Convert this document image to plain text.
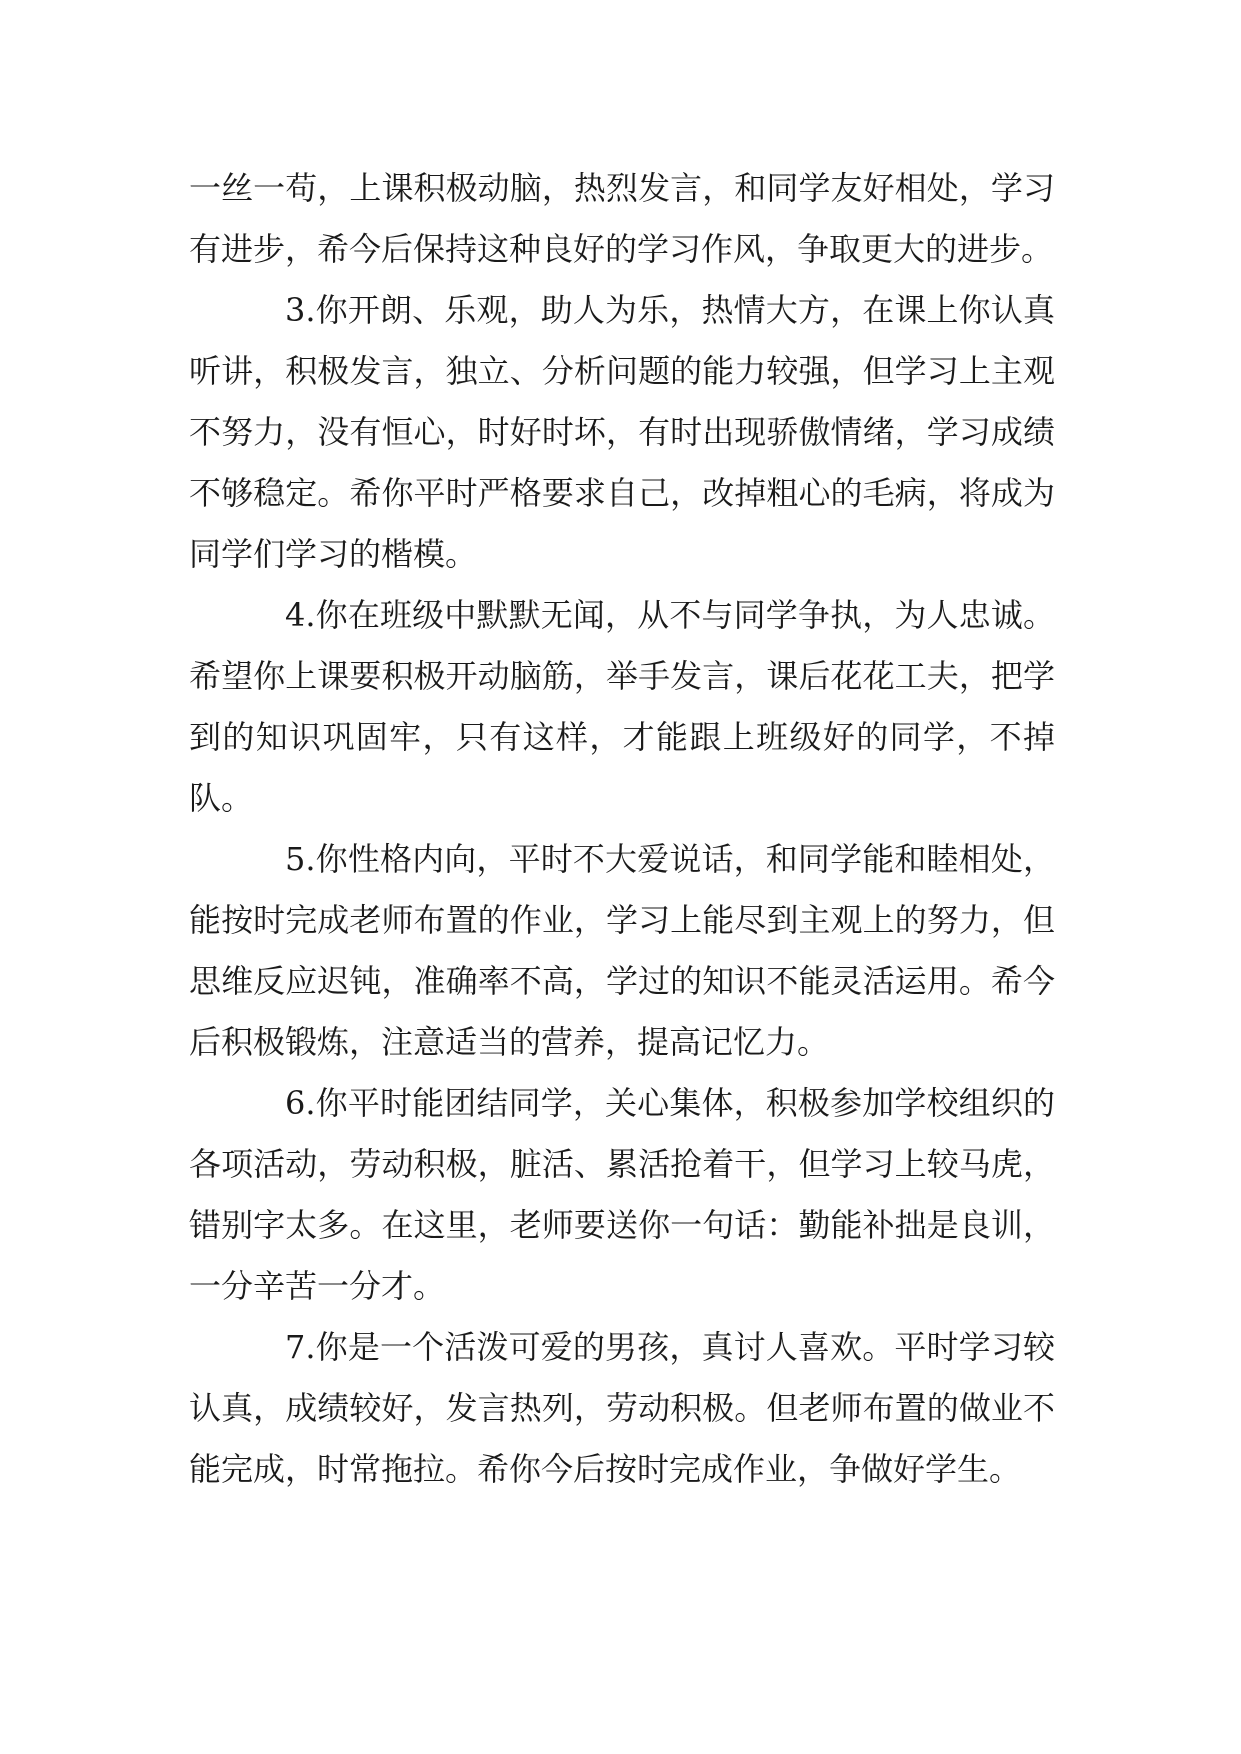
一丝一苟，上课积极动脑，热烈发言，和同学友好相处，学习有进步，希今后保持这种良好的学习作风，争取更大的进步。

3.你开朗、乐观，助人为乐，热情大方，在课上你认真听讲，积极发言，独立、分析问题的能力较强，但学习上主观不努力，没有恒心，时好时坏，有时出现骄傲情绪，学习成绩不够稳定。希你平时严格要求自己，改掉粗心的毛病，将成为同学们学习的楷模。

4.你在班级中默默无闻，从不与同学争执，为人忠诚。希望你上课要积极开动脑筋，举手发言，课后花花工夫，把学到的知识巩固牢，只有这样，才能跟上班级好的同学，不掉队。

5.你性格内向，平时不大爱说话，和同学能和睦相处，能按时完成老师布置的作业，学习上能尽到主观上的努力，但思维反应迟钝，准确率不高，学过的知识不能灵活运用。希今后积极锻炼，注意适当的营养，提高记忆力。

6.你平时能团结同学，关心集体，积极参加学校组织的各项活动，劳动积极，脏活、累活抢着干，但学习上较马虎，错别字太多。在这里，老师要送你一句话：勤能补拙是良训，一分辛苦一分才。

7.你是一个活泼可爱的男孩，真讨人喜欢。平时学习较认真，成绩较好，发言热列，劳动积极。但老师布置的做业不能完成，时常拖拉。希你今后按时完成作业，争做好学生。
